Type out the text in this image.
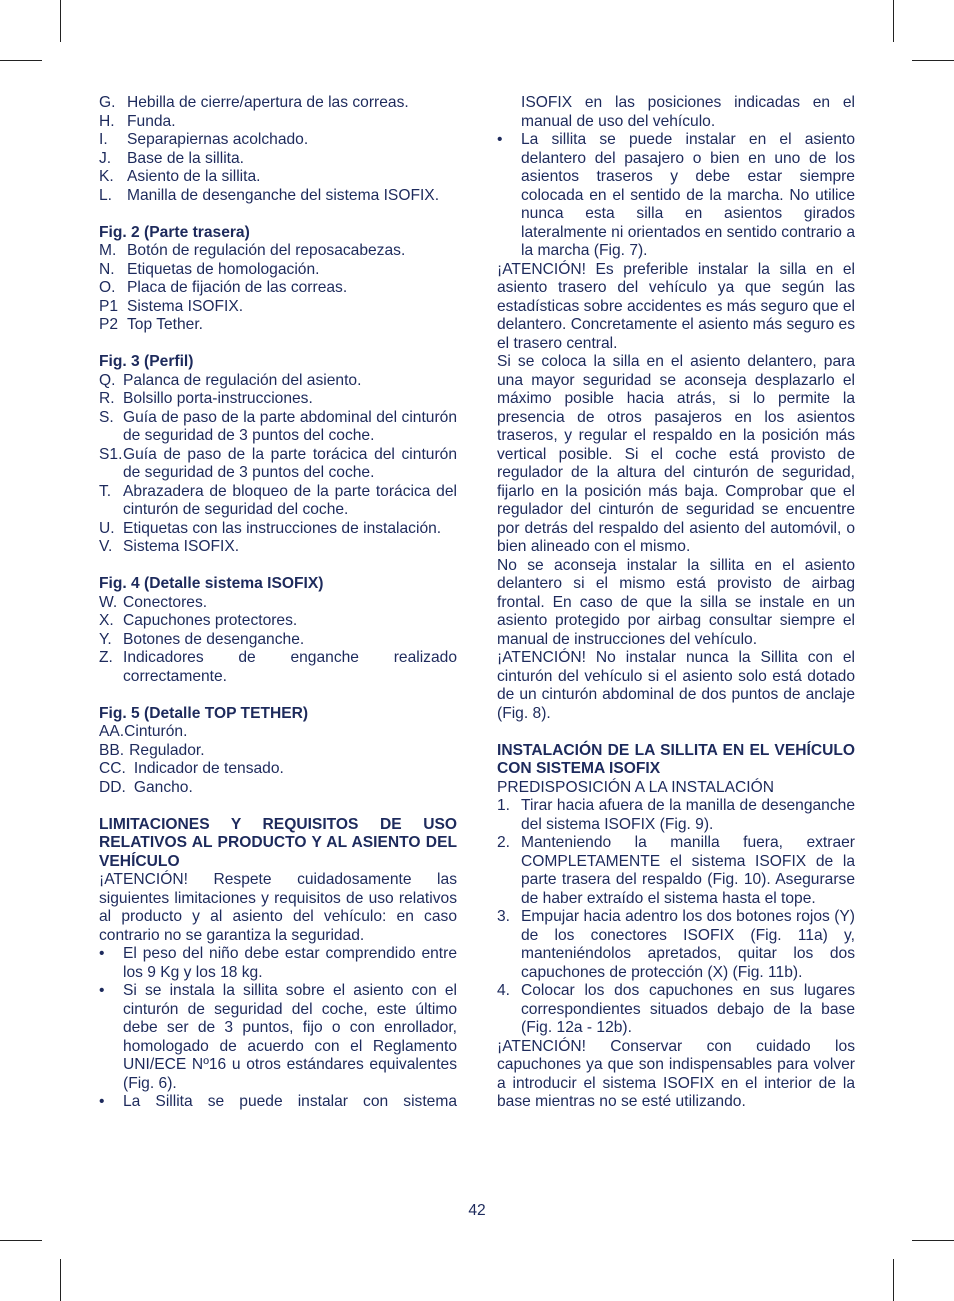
G. Hebilla de cierre/apertura de las correas.
H. Funda.
I.	Separapiernas acolchado.
J.	Base de la sillita.
K. Asiento de la sillita.
L. Manilla de desenganche del sistema ISOFIX.

Fig. 2 (Parte trasera)

M. Botón de regulación del reposacabezas.
N. Etiquetas de homologación.
O. Placa de fijación de las correas.
P1 Sistema ISOFIX.
P2 Top Tether.

Fig. 3 (Perfil)

Q. Palanca de regulación del asiento.
R. Bolsillo porta-instrucciones.
S. Guía de paso de la parte abdominal del cinturón de seguridad de 3 puntos del coche.
S1. Guía de paso de la parte torácica del cinturón de seguridad de 3 puntos del coche.
T. Abrazadera de bloqueo de la parte torácica del cinturón de seguridad del coche.
U. Etiquetas con las instrucciones de instalación.
V. Sistema ISOFIX.

Fig. 4 (Detalle sistema ISOFIX)

W. Conectores.
X. Capuchones protectores.
Y. Botones de desenganche.
Z. Indicadores de enganche realizado correctamente.

Fig. 5 (Detalle TOP TETHER)

AA. Cinturón.
BB. Regulador.
CC. Indicador de tensado.
DD. Gancho.

LIMITACIONES Y REQUISITOS DE USO RELATIVOS AL PRODUCTO Y AL ASIENTO DEL VEHÍCULO

¡ATENCIÓN! Respete cuidadosamente las siguientes limitaciones y requisitos de uso relativos al producto y al asiento del vehículo: en caso contrario no se garantiza la seguridad.

•	El peso del niño debe estar comprendido entre los 9 Kg y los 18 kg.
•	Si se instala la sillita sobre el asiento con el cinturón de seguridad del coche, este último debe ser de 3 puntos, fijo o con enrollador, homologado de acuerdo con el Reglamento UNI/ECE Nº16 u otros estándares equivalentes (Fig. 6).
•	La Sillita se puede instalar con sistema
ISOFIX en las posiciones indicadas en el manual de uso del vehículo.
•	La sillita se puede instalar en el asiento delantero del pasajero o bien en uno de los asientos traseros y debe estar siempre colocada en el sentido de la marcha. No utilice nunca esta silla en asientos girados lateralmente ni orientados en sentido contrario a la marcha (Fig. 7).

¡ATENCIÓN! Es preferible instalar la silla en el asiento trasero del vehículo ya que según las estadísticas sobre accidentes es más seguro que el delantero. Concretamente el asiento más seguro es el trasero central.

Si se coloca la silla en el asiento delantero, para una mayor seguridad se aconseja desplazarlo el máximo posible hacia atrás, si lo permite la presencia de otros pasajeros en los asientos traseros, y regular el respaldo en la posición más vertical posible. Si el coche está provisto de regulador de la altura del cinturón de seguridad, fijarlo en la posición más baja. Comprobar que el regulador del cinturón de seguridad se encuentre por detrás del respaldo del asiento del automóvil, o bien alineado con el mismo.

No se aconseja instalar la sillita en el asiento delantero si el mismo está provisto de airbag frontal. En caso de que la silla se instale en un asiento protegido por airbag consultar siempre el manual de instrucciones del vehículo.

¡ATENCIÓN! No instalar nunca la Sillita con el cinturón del vehículo si el asiento solo está dotado de un cinturón abdominal de dos puntos de anclaje (Fig. 8).

INSTALACIÓN DE LA SILLITA EN EL VEHÍCULO CON SISTEMA ISOFIX

PREDISPOSICIÓN A LA INSTALACIÓN

1. Tirar hacia afuera de la manilla de desenganche del sistema ISOFIX (Fig. 9).
2. Manteniendo la manilla fuera, extraer COMPLETAMENTE el sistema ISOFIX de la parte trasera del respaldo (Fig. 10). Asegurarse de haber extraído el sistema hasta el tope.
3. Empujar hacia adentro los dos botones rojos (Y) de los conectores ISOFIX (Fig. 11a) y, manteniéndolos apretados, quitar los dos capuchones de protección (X) (Fig. 11b).
4. Colocar los dos capuchones en sus lugares correspondientes situados debajo de la base (Fig. 12a - 12b).

¡ATENCIÓN! Conservar con cuidado los capuchones ya que son indispensables para volver a introducir el sistema ISOFIX en el interior de la base mientras no se esté utilizando.

42
